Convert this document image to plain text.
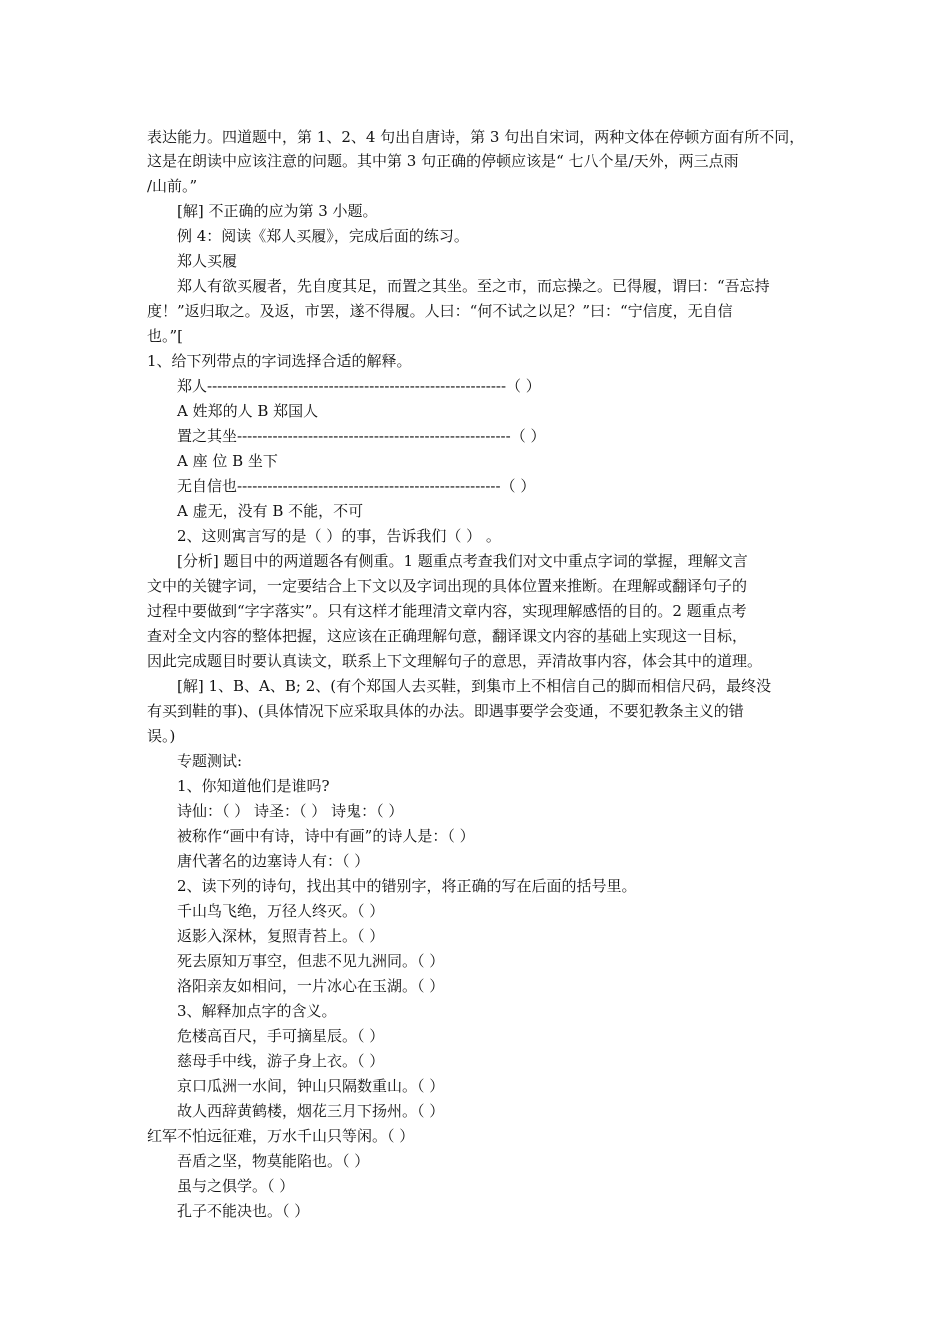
表达能力。四道题中，第 1、2、4 句出自唐诗，第 3 句出自宋词，两种文体在停顿方面有所不同，
这是在朗读中应该注意的问题。其中第 3 句正确的停顿应该是“ 七八个星/天外，两三点雨
/山前。”
[解] 不正确的应为第 3 小题。
例 4：阅读《郑人买履》，完成后面的练习。
郑人买履
郑人有欲买履者，先自度其足，而置之其坐。至之市，而忘操之。已得履，谓曰：“吾忘持
度！”返归取之。及返，市罢，遂不得履。人曰：“何不试之以足？”曰：“宁信度，无自信
也。”[
1、给下列带点的字词选择合适的解释。
郑人-----------------------------------------------------------（ ）
A 姓郑的人 B 郑国人
置之其坐------------------------------------------------------（ ）
A 座 位 B 坐下
无自信也----------------------------------------------------（ ）
A 虚无，没有 B 不能，不可
2、这则寓言写的是（ ）的事，告诉我们（ ） 。
[分析] 题目中的两道题各有侧重。1 题重点考查我们对文中重点字词的掌握，理解文言
文中的关键字词，一定要结合上下文以及字词出现的具体位置来推断。在理解或翻译句子的
过程中要做到“字字落实”。只有这样才能理清文章内容，实现理解感悟的目的。2 题重点考
查对全文内容的整体把握，这应该在正确理解句意，翻译课文内容的基础上实现这一目标，
因此完成题目时要认真读文，联系上下文理解句子的意思，弄清故事内容，体会其中的道理。
[解] 1、B、A、B; 2、(有个郑国人去买鞋，到集市上不相信自己的脚而相信尺码，最终没
有买到鞋的事)、(具体情况下应采取具体的办法。即遇事要学会变通，不要犯教条主义的错
误。)
专题测试:
1、你知道他们是谁吗?
诗仙：（ ） 诗圣：（ ） 诗鬼：（ ）
被称作“画中有诗，诗中有画”的诗人是：（ ）
唐代著名的边塞诗人有：（ ）
2、读下列的诗句，找出其中的错别字，将正确的写在后面的括号里。
千山鸟飞绝，万径人终灭。（ ）
返影入深林，复照青苔上。（ ）
死去原知万事空，但悲不见九洲同。（ ）
洛阳亲友如相问，一片冰心在玉湖。（ ）
3、解释加点字的含义。
危楼高百尺，手可摘星辰。（ ）
慈母手中线，游子身上衣。（ ）
京口瓜洲一水间，钟山只隔数重山。（ ）
故人西辞黄鹤楼，烟花三月下扬州。（ ）
红军不怕远征难，万水千山只等闲。（ ）
吾盾之坚，物莫能陷也。（ ）
虽与之俱学。（ ）
孔子不能决也。（ ）
